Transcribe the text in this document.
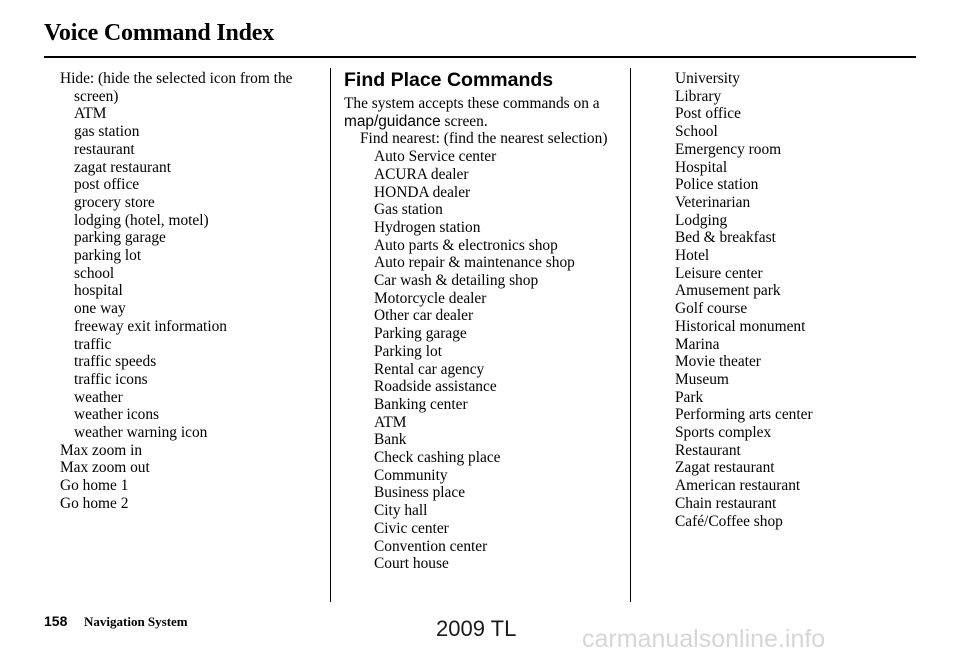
Voice Command Index
Hide: (hide the selected icon from the screen)
ATM
gas station
restaurant
zagat restaurant
post office
grocery store
lodging (hotel, motel)
parking garage
parking lot
school
hospital
one way
freeway exit information
traffic
traffic speeds
traffic icons
weather
weather icons
weather warning icon
Max zoom in
Max zoom out
Go home 1
Go home 2
Find Place Commands
The system accepts these commands on a map/guidance screen.
Find nearest: (find the nearest selection)
Auto Service center
ACURA dealer
HONDA dealer
Gas station
Hydrogen station
Auto parts & electronics shop
Auto repair & maintenance shop
Car wash & detailing shop
Motorcycle dealer
Other car dealer
Parking garage
Parking lot
Rental car agency
Roadside assistance
Banking center
ATM
Bank
Check cashing place
Community
Business place
City hall
Civic center
Convention center
Court house
University
Library
Post office
School
Emergency room
Hospital
Police station
Veterinarian
Lodging
Bed & breakfast
Hotel
Leisure center
Amusement park
Golf course
Historical monument
Marina
Movie theater
Museum
Park
Performing arts center
Sports complex
Restaurant
Zagat restaurant
American restaurant
Chain restaurant
Café/Coffee shop
158 Navigation System	2009 TL	carmanualsonline.info
